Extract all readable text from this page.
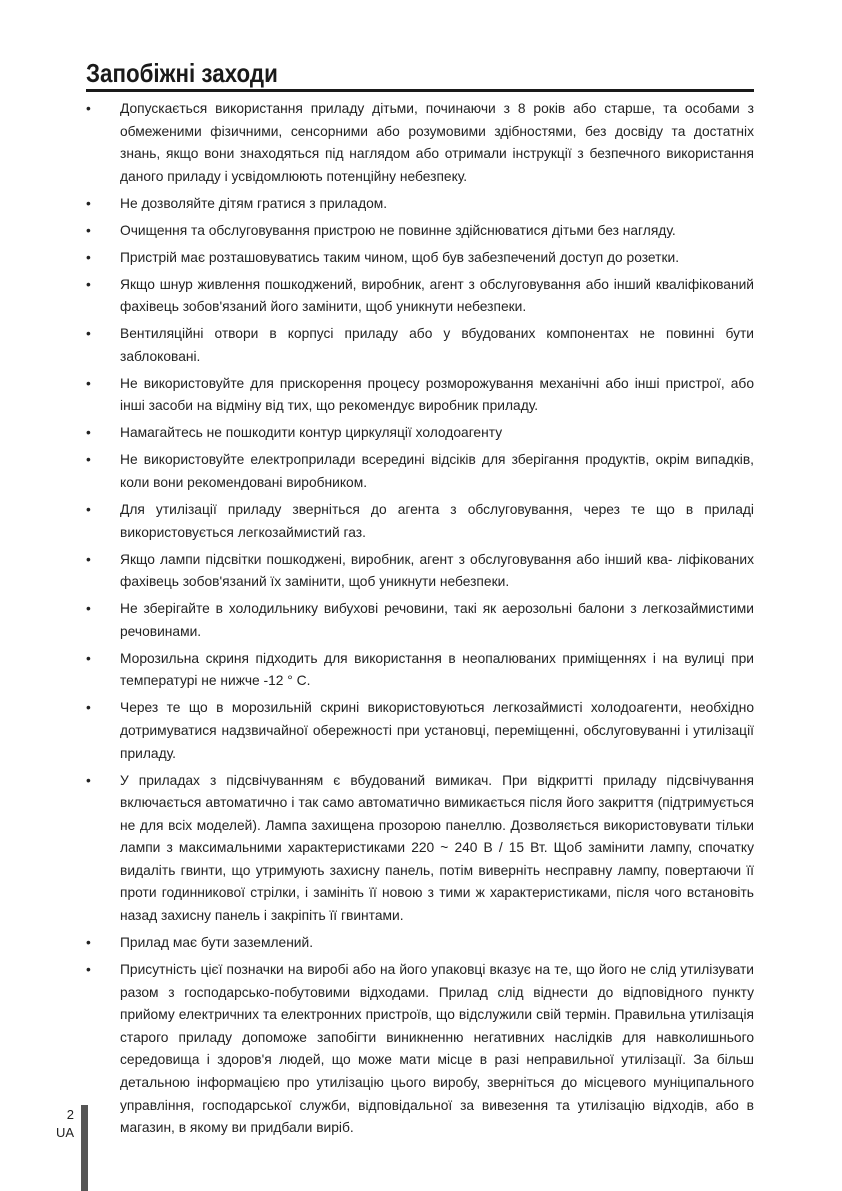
Запобіжні заходи
•	Допускається використання приладу дітьми, починаючи з 8 років або старше, та особами з обмеженими фізичними, сенсорними або розумовими здібностями, без досвіду та достатніх знань, якщо вони знаходяться під наглядом або отримали інструкції з безпечного використання даного приладу і усвідомлюють потенційну небезпеку.
•	Не дозволяйте дітям гратися з приладом.
•	Очищення та обслуговування пристрою не повинне здійснюватися дітьми без нагляду.
•	Пристрій має розташовуватись таким чином, щоб був забезпечений доступ до розетки.
•	Якщо шнур живлення пошкоджений, виробник, агент з обслуговування або інший кваліфікований фахівець зобов'язаний його замінити, щоб уникнути небезпеки.
•	Вентиляційні отвори в корпусі приладу або у вбудованих компонентах не повинні бути заблоковані.
•	Не використовуйте для прискорення процесу розморожування механічні або інші пристрої, або інші засоби на відміну від тих, що рекомендує виробник приладу.
•	Намагайтесь не пошкодити контур циркуляції холодоагенту
•	Не використовуйте електроприлади всередині відсіків для зберігання продуктів, окрім випадків, коли вони рекомендовані виробником.
•	Для утилізації приладу зверніться до агента з обслуговування, через те що в приладі використовується легкозаймистий газ.
•	Якщо лампи підсвітки пошкоджені, виробник, агент з обслуговування або інший ква- ліфікованих фахівець зобов'язаний їх замінити, щоб уникнути небезпеки.
•	Не зберігайте в холодильнику вибухові речовини, такі як аерозольні балони з легкозаймистими речовинами.
•	Морозильна скриня підходить для використання в неопалюваних приміщеннях і на вулиці при температурі не нижче -12 ° С.
•	Через те що в морозильній скрині використовуються легкозаймисті холодоагенти, необхідно дотримуватися надзвичайної обережності при установці, переміщенні, обслуговуванні і утилізації приладу.
•	У приладах з підсвічуванням є вбудований вимикач. При відкритті приладу підсвічування включається автоматично і так само автоматично вимикається після його закриття (підтримується не для всіх моделей). Лампа захищена прозорою панеллю. Дозволяється використовувати тільки лампи з максимальними характеристиками 220 ~ 240 В / 15 Вт. Щоб замінити лампу, спочатку видаліть гвинти, що утримують захисну панель, потім виверніть несправну лампу, повертаючи її проти годинникової стрілки, і замініть її новою з тими ж характеристиками, після чого встановіть назад захисну панель і закріпіть її гвинтами.
•	Прилад має бути заземлений.
•	Присутність цієї позначки на виробі або на його упаковці вказує на те, що його не слід утилізувати разом з господарсько-побутовими відходами. Прилад слід віднести до відповідного пункту прийому електричних та електронних пристроїв, що відслужили свій термін. Правильна утилізація старого приладу допоможе запобігти виникненню негативних наслідків для навколишнього середовища і здоров'я людей, що може мати місце в разі неправильної утилізації. За більш детальною інформацією про утилізацію цього виробу, зверніться до місцевого муніципального управління, господарської служби, відповідальної за вивезення та утилізацію відходів, або в магазин, в якому ви придбали виріб.
2
UA
